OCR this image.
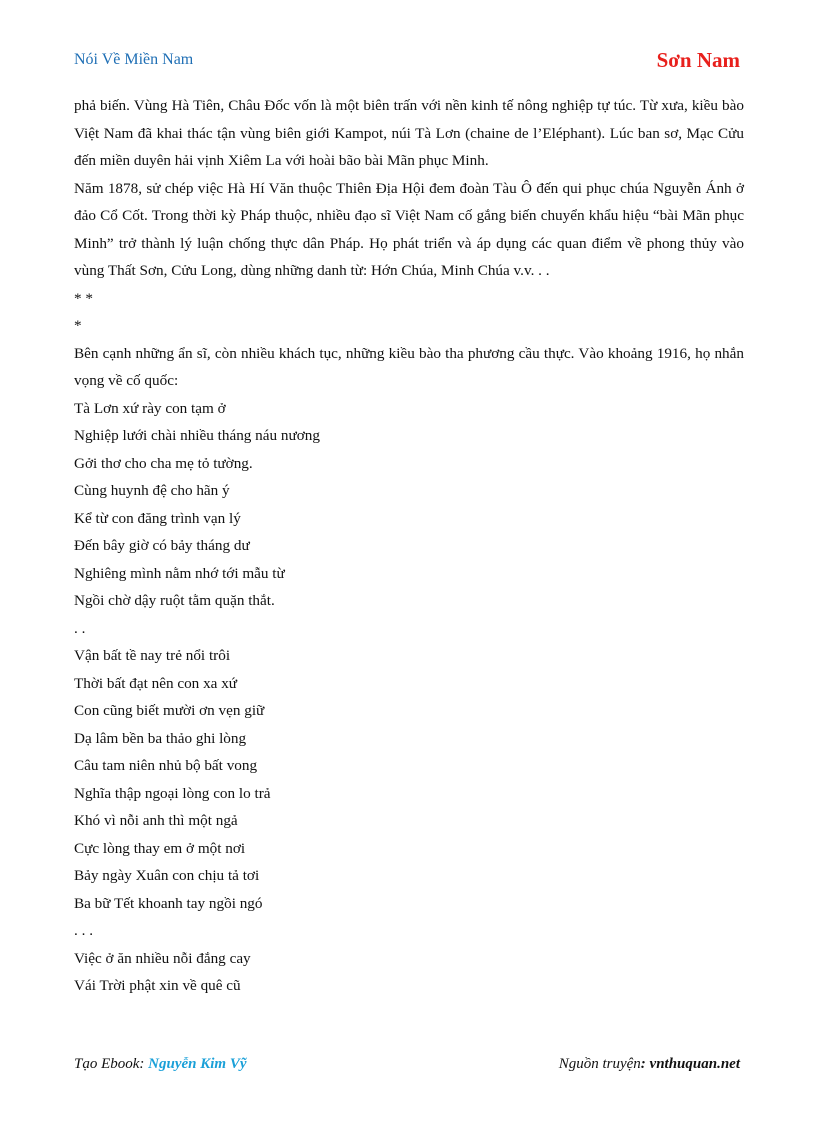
Nói Về Miền Nam	Sơn Nam

phả biến. Vùng Hà Tiên, Châu Đốc vốn là một biên trấn với nền kinh tế nông nghiệp tự túc. Từ xưa, kiều bào Việt Nam đã khai thác tận vùng biên giới Kampot, núi Tà Lơn (chaine de l’Eléphant). Lúc ban sơ, Mạc Cửu đến miền duyên hải vịnh Xiêm La với hoài bão bài Mãn phục Minh.

Năm 1878, sử chép việc Hà Hí Văn thuộc Thiên Địa Hội đem đoàn Tàu Ô đến qui phục chúa Nguyễn Ánh ở đảo Cổ Cốt. Trong thời kỳ Pháp thuộc, nhiều đạo sĩ Việt Nam cố gắng biến chuyển khẩu hiệu “bài Mãn phục Minh” trở thành lý luận chống thực dân Pháp. Họ phát triển và áp dụng các quan điểm về phong thủy vào vùng Thất Sơn, Cửu Long, dùng những danh từ: Hớn Chúa, Minh Chúa v.v. . .

* *

*

Bên cạnh những ẩn sĩ, còn nhiều khách tục, những kiều bào tha phương cầu thực. Vào khoảng 1916, họ nhắn vọng về cố quốc:

Tà Lơn xứ rày con tạm ở

Nghiệp lưới chài nhiều tháng náu nương

Gởi thơ cho cha mẹ tỏ tường.

Cùng huynh đệ cho hãn ý

Kể từ con đăng trình vạn lý

Đến bây giờ có bảy tháng dư

Nghiêng mình nằm nhớ tới mẫu từ

Ngồi chờ dậy ruột tằm quặn thắt.

. .

Vận bất tề nay trẻ nổi trôi

Thời bất đạt nên con xa xứ

Con cũng biết mười ơn vẹn giữ

Dạ lâm bền ba thảo ghi lòng

Câu tam niên nhủ bộ bất vong

Nghĩa thập ngoại lòng con lo trả

Khó vì nỗi anh thì một ngả

Cực lòng thay em ở một nơi

Bảy ngày Xuân con chịu tả tơi

Ba bữ Tết khoanh tay ngồi ngó

. . .

Việc ở ăn nhiều nỗi đắng cay

Vái Trời phật xin về quê cũ

Tạo Ebook: Nguyễn Kim Vỹ	Nguồn truyện: vnthuquan.net
